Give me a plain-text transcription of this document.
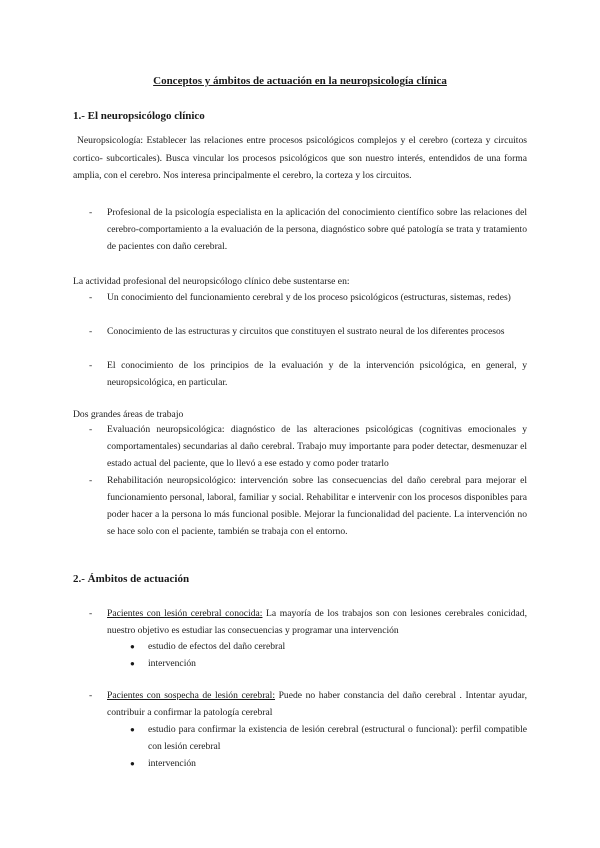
Conceptos y ámbitos de actuación en la neuropsicología clínica
1.- El neuropsicólogo clínico

Neuropsicología: Establecer las relaciones entre procesos psicológicos complejos y el cerebro (corteza y circuitos cortico- subcorticales). Busca vincular los procesos psicológicos que son nuestro interés, entendidos de una forma amplia, con el cerebro. Nos interesa principalmente el cerebro, la corteza y los circuitos.

-	Profesional de la psicología especialista en la aplicación del conocimiento científico sobre las relaciones del cerebro-comportamiento a la evaluación de la persona, diagnóstico sobre qué patología se trata y tratamiento de pacientes con daño cerebral.

La actividad profesional del neuropsicólogo clínico debe sustentarse en:

-	Un conocimiento del funcionamiento cerebral y de los proceso psicológicos (estructuras, sistemas, redes)
-	Conocimiento de las estructuras y circuitos que constituyen el sustrato neural de los diferentes procesos
-	El conocimiento de los principios de la evaluación y de la intervención psicológica, en general, y neuropsicológica, en particular.

Dos grandes áreas de trabajo

-	Evaluación neuropsicológica: diagnóstico de las alteraciones psicológicas (cognitivas emocionales y comportamentales) secundarias al daño cerebral. Trabajo muy importante para poder detectar, desmenuzar el estado actual del paciente, que lo llevó a ese estado y como poder tratarlo
-	Rehabilitación neuropsicológico: intervención sobre las consecuencias del daño cerebral para mejorar el funcionamiento personal, laboral, familiar y social. Rehabilitar e intervenir con los procesos disponibles para poder hacer a la persona lo más funcional posible. Mejorar la funcionalidad del paciente. La intervención no se hace solo con el paciente, también se trabaja con el entorno.
2.- Ámbitos de actuación
-	Pacientes con lesión cerebral conocida: La mayoría de los trabajos son con lesiones cerebrales conicidad, nuestro objetivo es estudiar las consecuencias y programar una intervención
● estudio de efectos del daño cerebral
● intervención
-	Pacientes con sospecha de lesión cerebral: Puede no haber constancia del daño cerebral . Intentar ayudar, contribuir a confirmar la patología cerebral
● estudio para confirmar la existencia de lesión cerebral (estructural o funcional): perfil compatible con lesión cerebral
● intervención
